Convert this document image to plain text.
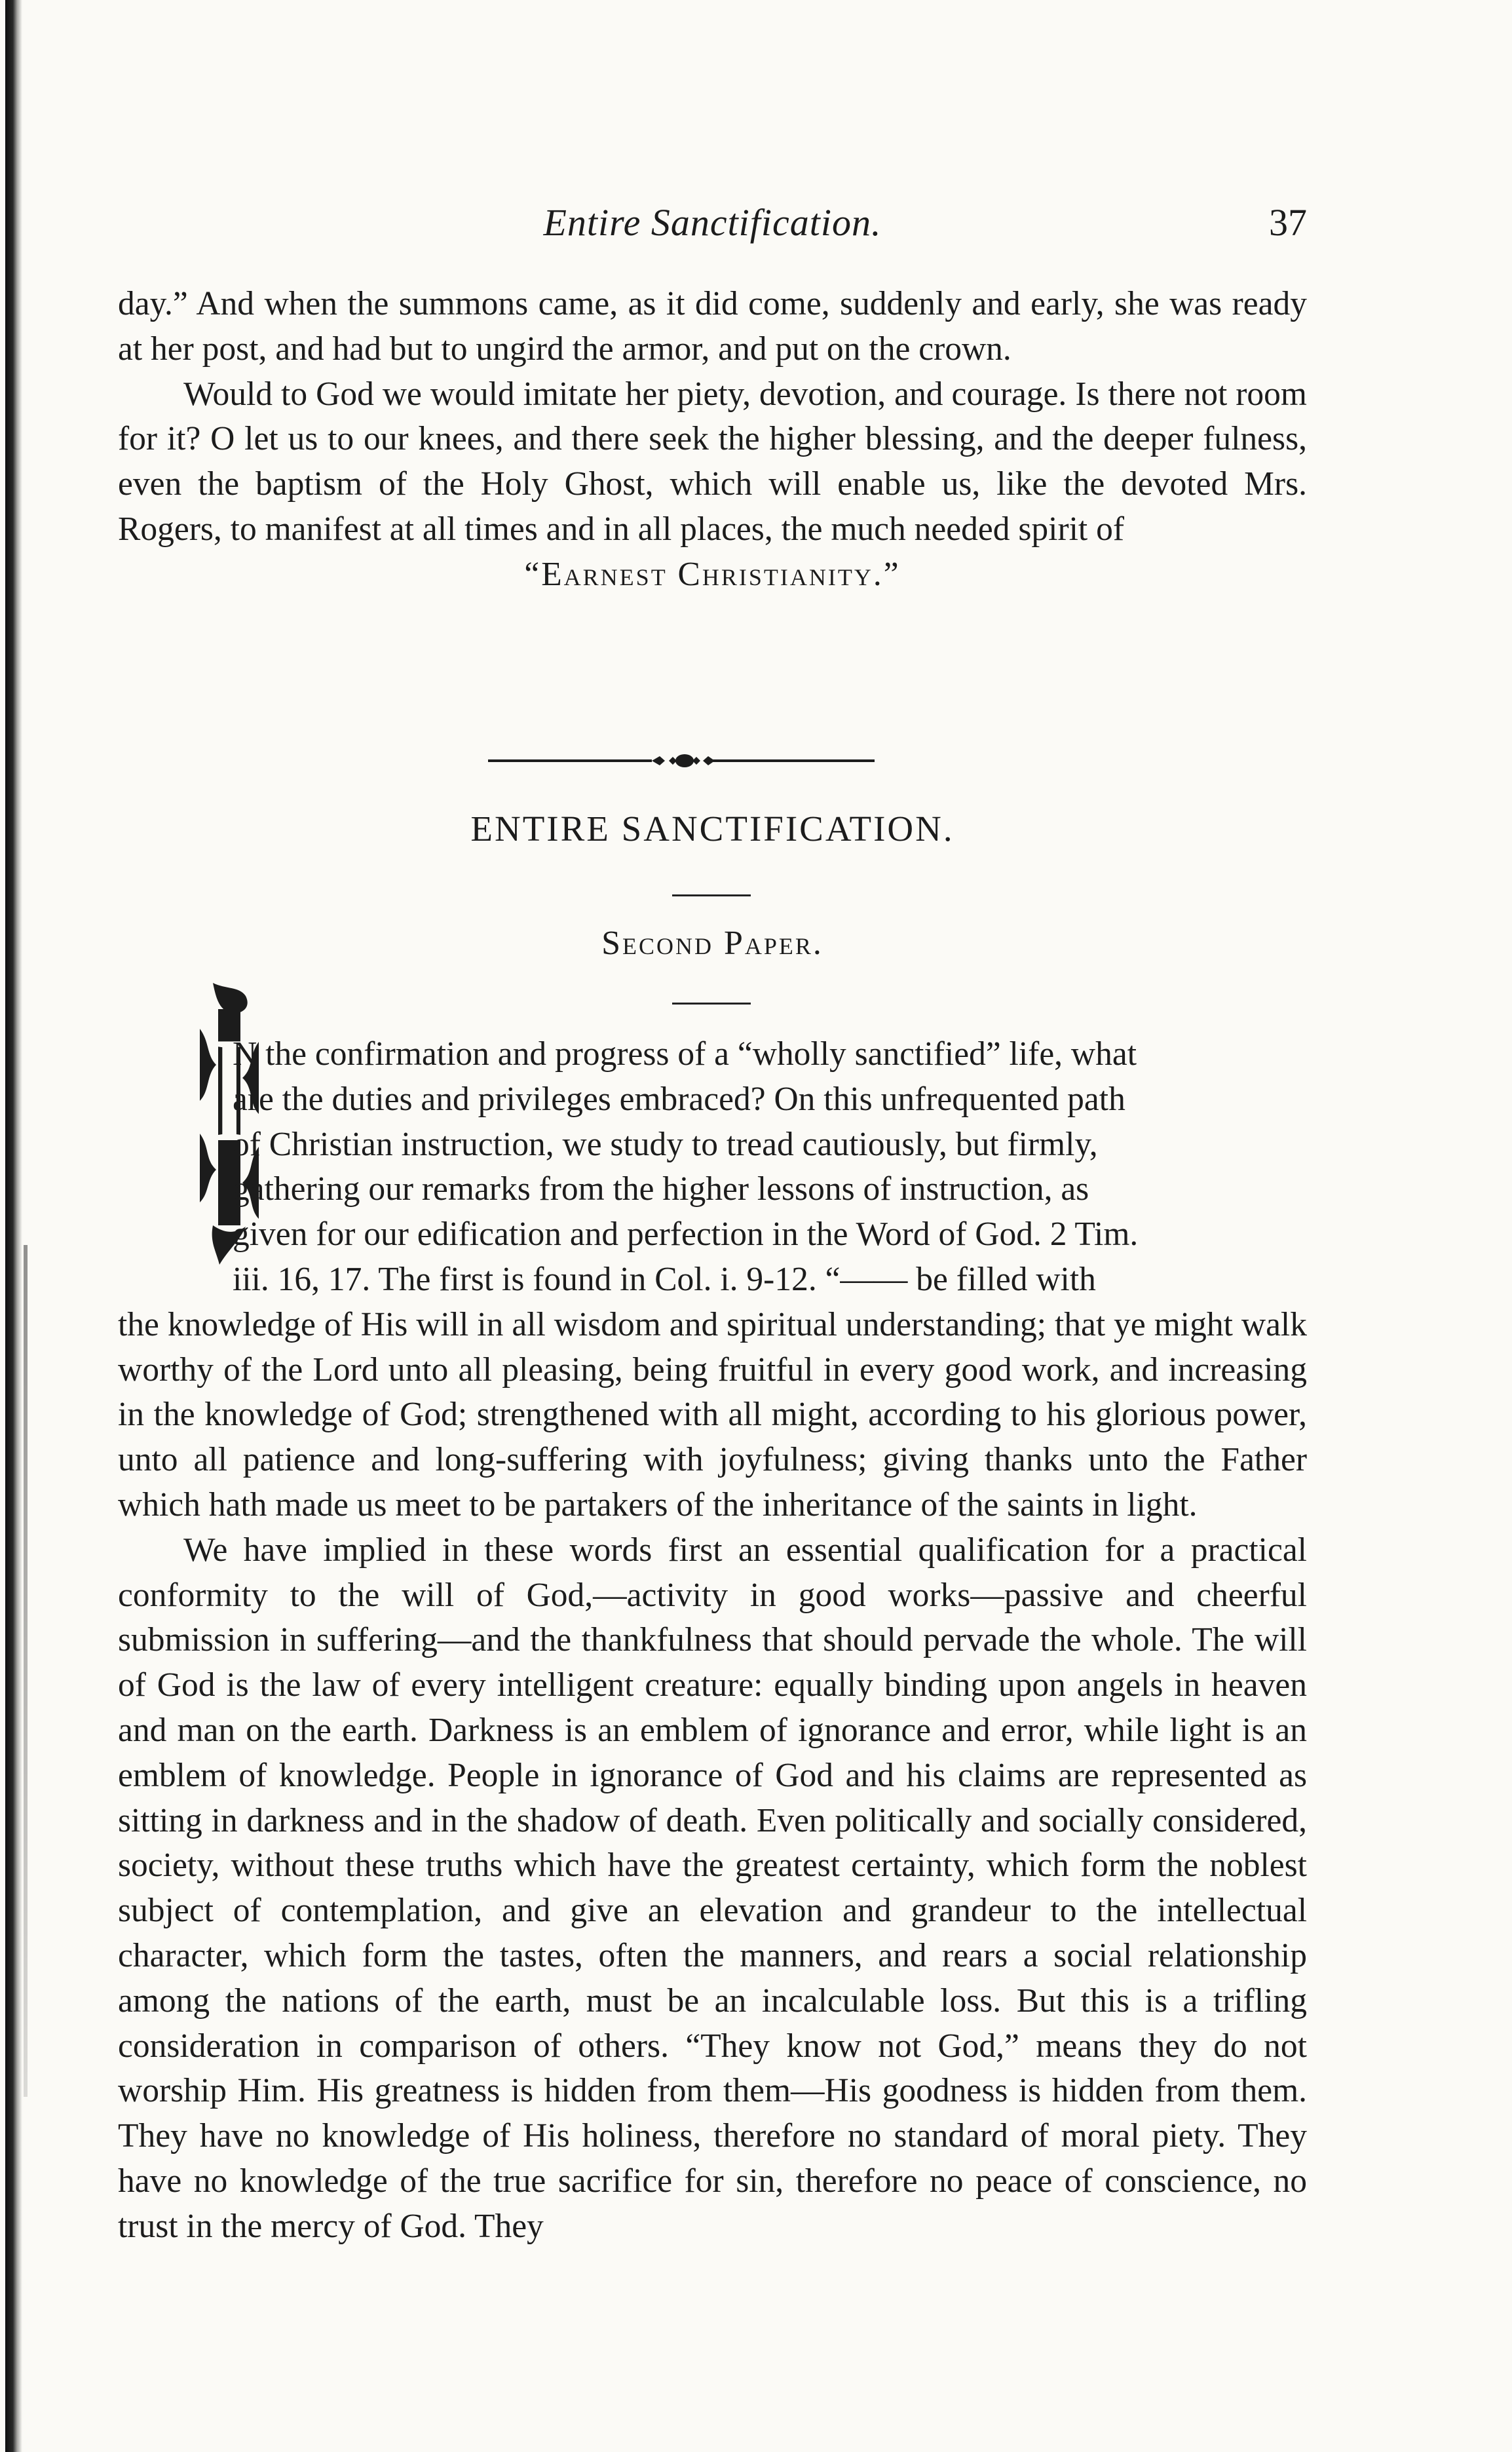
Entire Sanctification.	37

day.” And when the summons came, as it did come, suddenly and early, she was ready at her post, and had but to ungird the armor, and put on the crown.

Would to God we would imitate her piety, devotion, and courage. Is there not room for it? O let us to our knees, and there seek the higher blessing, and the deeper fulness, even the baptism of the Holy Ghost, which will enable us, like the devoted Mrs. Rogers, to manifest at all times and in all places, the much needed spirit of

“Earnest Christianity.”

ENTIRE SANCTIFICATION.
Second Paper.
I

N the confirmation and progress of a “wholly sanctified” life, what

are the duties and privileges embraced? On this unfrequented path

of Christian instruction, we study to tread cautiously, but firmly,

gathering our remarks from the higher lessons of instruction, as

given for our edification and perfection in the Word of God. 2 Tim.

iii. 16, 17. The first is found in Col. i. 9-12. “—— be filled with

the knowledge of His will in all wisdom and spiritual understanding; that ye might walk worthy of the Lord unto all pleasing, being fruitful in every good work, and increasing in the knowledge of God; strengthened with all might, according to his glorious power, unto all patience and long-suffering with joyfulness; giving thanks unto the Father which hath made us meet to be partakers of the inheritance of the saints in light.

We have implied in these words first an essential qualification for a practical conformity to the will of God,—activity in good works—passive and cheerful submission in suffering—and the thankfulness that should pervade the whole. The will of God is the law of every intelligent creature: equally binding upon angels in heaven and man on the earth. Darkness is an emblem of ignorance and error, while light is an emblem of knowledge. People in ignorance of God and his claims are represented as sitting in darkness and in the shadow of death. Even politically and socially considered, society, without these truths which have the greatest certainty, which form the noblest subject of contemplation, and give an elevation and grandeur to the intellectual character, which form the tastes, often the manners, and rears a social relationship among the nations of the earth, must be an incalculable loss. But this is a trifling consideration in comparison of others. “They know not God,” means they do not worship Him. His greatness is hidden from them—His goodness is hidden from them. They have no knowledge of His holiness, therefore no standard of moral piety. They have no knowledge of the true sacrifice for sin, therefore no peace of conscience, no trust in the mercy of God. They
